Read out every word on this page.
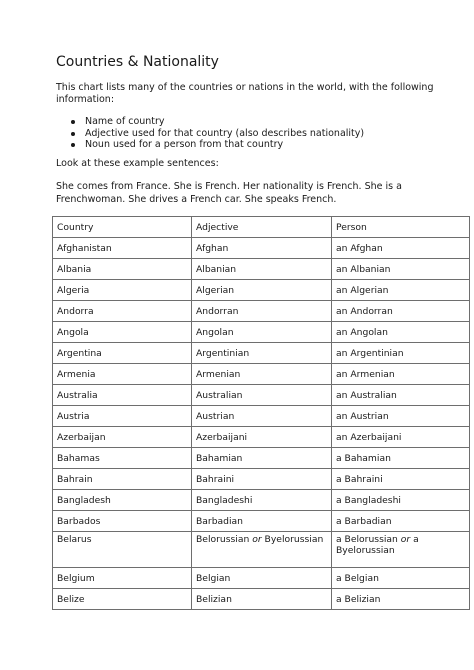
Countries & Nationality

This chart lists many of the countries or nations in the world, with the following information:

Name of country
Adjective used for that country (also describes nationality)
Noun used for a person from that country

Look at these example sentences:

She comes from France. She is French. Her nationality is French. She is a Frenchwoman. She drives a French car. She speaks French.

Country	Adjective	Person
Afghanistan	Afghan	an Afghan
Albania	Albanian	an Albanian
Algeria	Algerian	an Algerian
Andorra	Andorran	an Andorran
Angola	Angolan	an Angolan
Argentina	Argentinian	an Argentinian
Armenia	Armenian	an Armenian
Australia	Australian	an Australian
Austria	Austrian	an Austrian
Azerbaijan	Azerbaijani	an Azerbaijani
Bahamas	Bahamian	a Bahamian
Bahrain	Bahraini	a Bahraini
Bangladesh	Bangladeshi	a Bangladeshi
Barbados	Barbadian	a Barbadian
Belarus	Belorussian or Byelorussian	a Belorussian or a Byelorussian
Belgium	Belgian	a Belgian
Belize	Belizian	a Belizian
